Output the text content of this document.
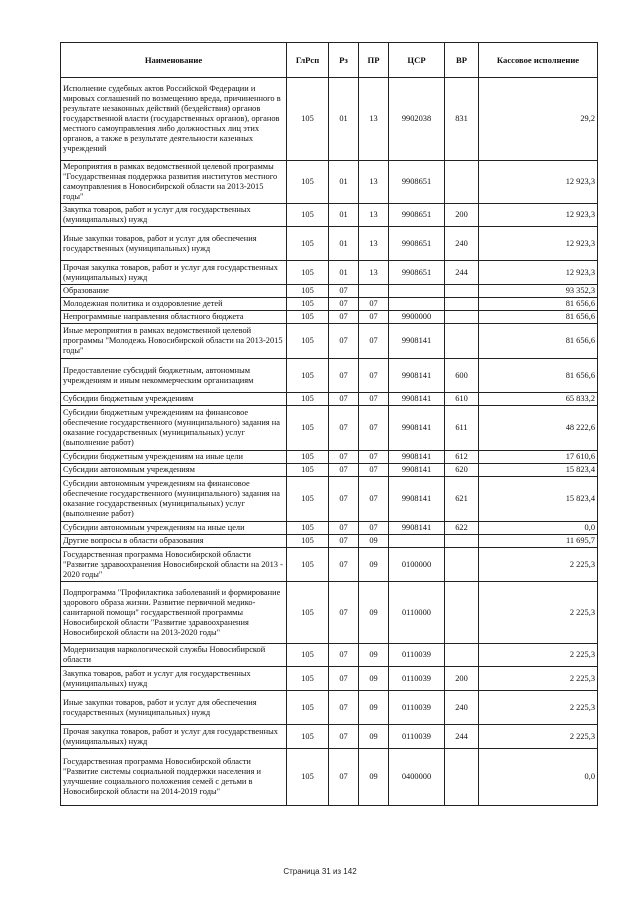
Наименование	ГлРсп	Рз	ПР	ЦСР	ВР	Кассовое исполнение
Исполнение судебных актов Российской Федерации и мировых соглашений по возмещению вреда, причиненного в результате незаконных действий (бездействия) органов государственной власти (государственных органов), органов местного самоуправления либо должностных лиц этих органов, а также в результате деятельности казенных учреждений	105	01	13	9902038	831	29,2
Мероприятия в рамках ведомственной целевой программы "Государственная поддержка развития институтов местного самоуправления в Новосибирской области на 2013-2015 годы"	105	01	13	9908651		12 923,3
Закупка товаров, работ и услуг для государственных (муниципальных) нужд	105	01	13	9908651	200	12 923,3
Иные закупки товаров, работ и услуг для обеспечения государственных (муниципальных) нужд	105	01	13	9908651	240	12 923,3
Прочая закупка товаров, работ и услуг для государственных (муниципальных) нужд	105	01	13	9908651	244	12 923,3
Образование	105	07				93 352,3
Молодежная политика и оздоровление детей	105	07	07			81 656,6
Непрограммные направления областного бюджета	105	07	07	9900000		81 656,6
Иные мероприятия в рамках ведомственной целевой программы "Молодежь Новосибирской области на 2013-2015 годы"	105	07	07	9908141		81 656,6
Предоставление субсидий бюджетным, автономным учреждениям и иным некоммерческим организациям	105	07	07	9908141	600	81 656,6
Субсидии бюджетным учреждениям	105	07	07	9908141	610	65 833,2
Субсидии бюджетным учреждениям на финансовое обеспечение государственного (муниципального) задания на оказание государственных (муниципальных) услуг (выполнение работ)	105	07	07	9908141	611	48 222,6
Субсидии бюджетным учреждениям на иные цели	105	07	07	9908141	612	17 610,6
Субсидии автономным учреждениям	105	07	07	9908141	620	15 823,4
Субсидии автономным учреждениям на финансовое обеспечение государственного (муниципального) задания на оказание государственных (муниципальных) услуг (выполнение работ)	105	07	07	9908141	621	15 823,4
Субсидии автономным учреждениям на иные цели	105	07	07	9908141	622	0,0
Другие вопросы в области образования	105	07	09			11 695,7
Государственная программа Новосибирской области "Развитие здравоохранения Новосибирской области на 2013 - 2020 годы"	105	07	09	0100000		2 225,3
Подпрограмма "Профилактика заболеваний и формирование здорового образа жизни. Развитие первичной медико-санитарной помощи" государственной программы Новосибирской области "Развитие здравоохранения Новосибирской области на 2013-2020 годы"	105	07	09	0110000		2 225,3
Модернизация наркологической службы Новосибирской области	105	07	09	0110039		2 225,3
Закупка товаров, работ и услуг для государственных (муниципальных) нужд	105	07	09	0110039	200	2 225,3
Иные закупки товаров, работ и услуг для обеспечения государственных (муниципальных) нужд	105	07	09	0110039	240	2 225,3
Прочая закупка товаров, работ и услуг для государственных (муниципальных) нужд	105	07	09	0110039	244	2 225,3
Государственная программа Новосибирской области "Развитие системы социальной поддержки населения и улучшение социального положения семей с детьми в Новосибирской области на 2014-2019 годы"	105	07	09	0400000		0,0
Страница 31 из 142
